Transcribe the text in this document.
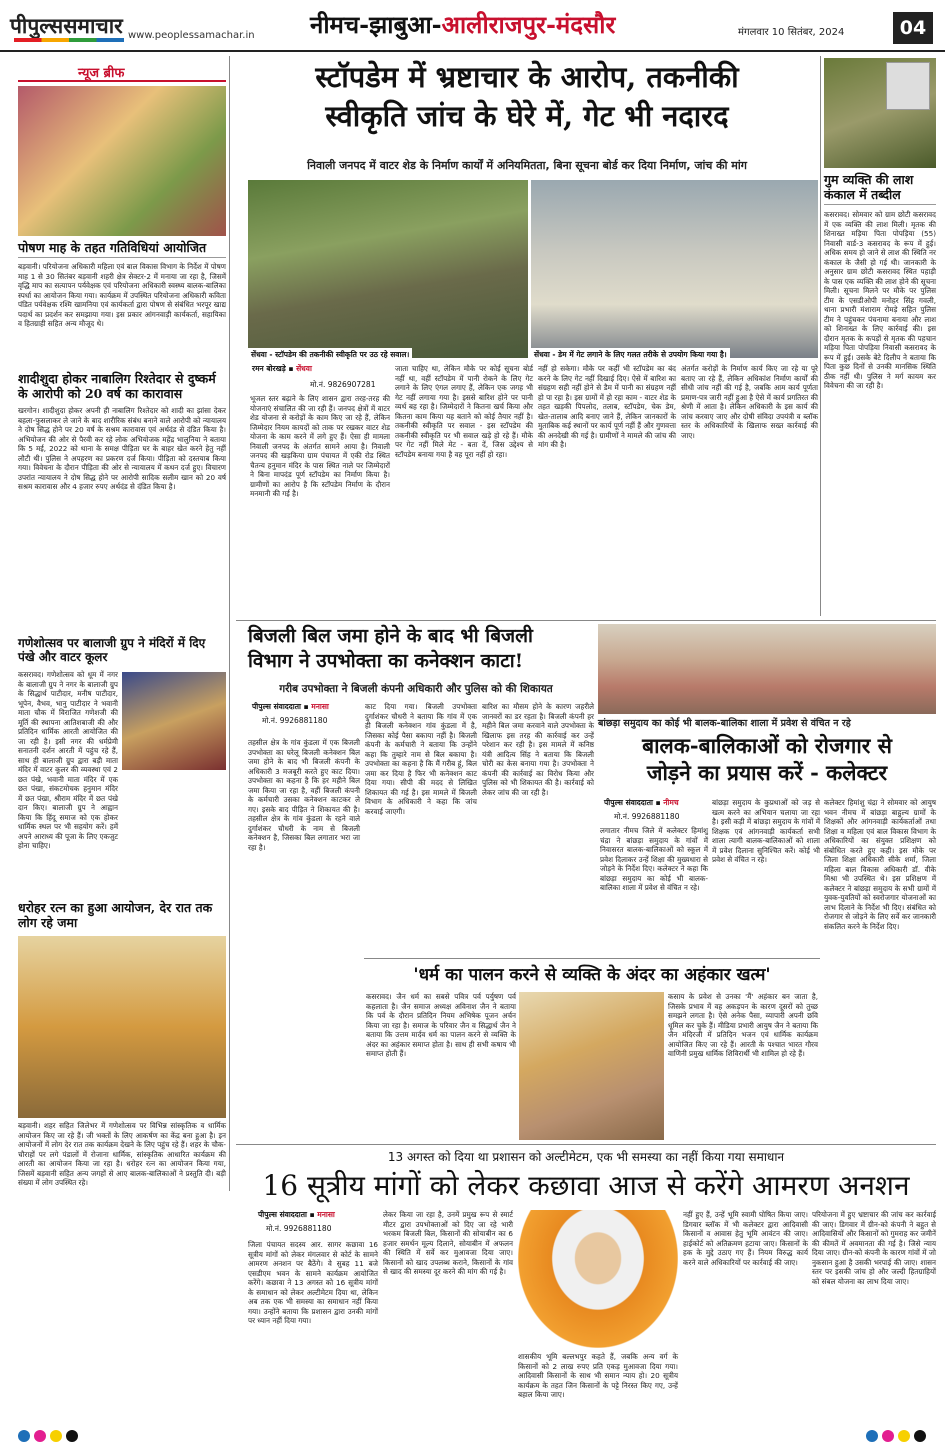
पीपुल्ससमाचार www.peoplessamachar.in नीमच-झाबुआ-आलीराजपुर-मंदसौर	मंगलवार 10 सितंबर, 2024	04
न्यूज ब्रीफ
पोषण माह के तहत गतिविधियां आयोजित
बड़वानी। परियोजना अधिकारी महिला एवं बाल विकास विभाग के निर्देश में पोषण माह 1 से 30 सितंबर बड़वानी शहरी क्षेत्र सेक्टर-2 में मनाया जा रहा है, जिसमें वृद्धि माप का सत्यापन पर्यवेक्षक एवं परियोजना अधिकारी स्वस्थ्य बालक-बालिका स्पर्धा का आयोजन किया गया। कार्यक्रम में उपस्थित परियोजना अधिकारी कविता पंडित पर्यवेक्षक रश्मि खामनिया एवं कार्यकर्ता द्वारा पोषण से संबंधित भरपूर खाद्य पदार्थ का प्रदर्शन कर समझाया गया। इस प्रकार आंगनवाड़ी कार्यकर्ता, सहायिका व हितग्राही सहित अन्य मौजूद थे।
शादीशुदा होकर नाबालिग रिश्तेदार से दुष्कर्म के आरोपी को 20 वर्ष का कारावास
खरगोन। शादीशुदा होकर अपनी ही नाबालिग रिश्तेदार को शादी का झांसा देकर बहला-फुसलाकर ले जाने के बाद शारीरिक संबंध बनाने वाले आरोपी को न्यायालय ने दोष सिद्ध होने पर 20 वर्ष के सश्रम कारावास एवं अर्थदंड से दंडित किया है। अभियोजन की ओर से पैरवी कर रहे लोक अभियोजक महेंद्र भालुनिया ने बताया कि 5 मई, 2022 को थाना के समक्ष पीड़िता घर के बाहर खेत करने हेतु नहीं लौटी थी। पुलिस ने अपहरण का प्रकरण दर्ज किया। पीड़िता को दस्तयाब किया गया। विवेचना के दौरान पीड़िता की ओर से न्यायालय में कथन दर्ज हुए। विचारण उपरांत न्यायालय ने दोष सिद्ध होने पर आरोपी सादिक सलीम खान को 20 वर्ष सश्रम कारावास और 4 हजार रुपए अर्थदंड से दंडित किया है।
गणेशोत्सव पर बालाजी ग्रुप ने मंदिरों में दिए पंखे और वाटर कूलर
कसरावद। गणेशोत्सव को धूम में नगर के बालाजी ग्रुप ने नगर के बालाजी ग्रुप के सिद्धार्थ पाटीदार, मनीष पाटीदार, भूपेन, वैभव, भानु पाटीदार ने भवानी माता चौक में विराजित गणेशजी की मूर्ति की स्थापना आतिशबाजी की और प्रतिदिन धार्मिक आरती आयोजित की जा रही है। इसी नगर की धर्मप्रेमी सनातनी दर्शन आरती में पहुंच रहे हैं, साथ ही बालाजी ग्रुप द्वारा बड़ी माता मंदिर में वाटर कूलर की व्यवस्था एवं 2 छत पंखे, भवानी माता मंदिर में एक छत पंखा, संकटमोचक हनुमान मंदिर में छत पंखा, श्रीराम मंदिर में छत पंखे दान किए। बालाजी ग्रुप ने आह्वान किया कि हिंदू समाज को एक होकर धार्मिक स्थल पर भी सहयोग करें। हमें अपने आराध्य की पूजा के लिए एकजुट होना चाहिए।
धरोहर रत्न का हुआ आयोजन, देर रात तक लोग रहे जमा
बड़वानी। शहर सहित जिलेभर में गणेशोत्सव पर विभिन्न सांस्कृतिक व धार्मिक आयोजन किए जा रहे हैं। जी भक्तों के लिए आकर्षण का केंद्र बना हुआ है। इन आयोजनों में लोग देर रात तक कार्यक्रम देखने के लिए पहुंच रहे हैं। शहर के चौक-चौराहों पर लगे पंडालों में रोजाना धार्मिक, सांस्कृतिक आधारित कार्यक्रम की आरती का आयोजन किया जा रहा है। धरोहर रत्न का आयोजन किया गया, जिसमें बड़वानी सहित अन्य जगहों से आए बालक-बालिकाओं ने प्रस्तुति दी। बड़ी संख्या में लोग उपस्थित रहे।
स्टॉपडेम में भ्रष्टाचार के आरोप, तकनीकी
स्वीकृति जांच के घेरे में, गेट भी नदारद
निवाली जनपद में वाटर शेड के निर्माण कार्यों में अनियमितता, बिना सूचना बोर्ड कर दिया निर्माण, जांच की मांग
सेंधवा - स्टॉपडेम की तकनीकी स्वीकृति पर उठ रहे सवाल।	सेंधवा - डेम में गेट लगाने के लिए गलत तरीके से उपयोग किया गया है।
रमन बोरखड़े ▪ सेंधवा
मो.नं. 9826907281
भूजल स्तर बढ़ाने के लिए शासन द्वारा तरह-तरह की योजनाएं संचालित की जा रही हैं। जनपद क्षेत्रों में वाटर शेड योजना से करोड़ों के काम किए जा रहे हैं, लेकिन जिम्मेदार नियम कायदों को ताक पर रखकर वाटर शेड योजना के काम करने में लगे हुए हैं। ऐसा ही मामला निवाली जनपद के अंतर्गत सामने आया है। निवाली जनपद की खड़किया ग्राम पंचायत में एकी रोड स्थित चैतन्य हनुमान मंदिर के पास स्थित नाले पर जिम्मेदारों ने बिना मापदंड पूर्ण स्टॉपडेम का निर्माण किया है। ग्रामीणों का आरोप है कि स्टॉपडेम निर्माण के दौरान मनमानी की गई है।
जाता चाहिए था, लेकिन मौके पर कोई सूचना बोर्ड नहीं था, वहीं स्टॉपडेम में पानी रोकने के लिए गेट लगाने के लिए एंगल लगाए हैं, लेकिन एक जगह भी गेट नहीं लगाया गया है। इससे बारिश होने पर पानी व्यर्थ बह रहा है। जिम्मेदारों ने कितना खर्च किया और कितना काम किया यह बताने को कोई तैयार नहीं है। तकनीकी स्वीकृति पर सवाल - इस स्टॉपडेम की तकनीकी स्वीकृति पर भी सवाल खड़े हो रहे हैं। मौके पर गेट नहीं मिले मेट - बता दें, जिस उद्देश्य से स्टॉपडेम बनाया गया है वह पूरा नहीं हो रहा।
नहीं हो सकेगा। मौके पर कहीं भी स्टॉपडेम का बंद करने के लिए गेट नहीं दिखाई दिए। ऐसे में बारिश का संग्रहण सही नहीं होने से डैम में पानी का संग्रहण नहीं हो पा रहा है। इस ग्रामों में हो रहा काम - वाटर शेड के तहत खड़की पिपलोद, तलाब, स्टॉपडेम, चेक डेम, खेत-तालाब आदि बनाए जाने हैं, लेकिन जानकारों के मुताबिक कई स्थानों पर कार्य पूर्ण नहीं हैं और गुणवत्ता की अनदेखी की गई है। ग्रामीणों ने मामले की जांच की मांग की है।
अंतर्गत करोड़ों के निर्माण कार्य किए जा रहे या पूरे बताए जा रहे हैं, लेकिन अधिकांश निर्माण कार्यों की सीधी जांच नहीं की गई है, जबकि आम कार्य पूर्णता प्रमाण-पत्र जारी नहीं हुआ है ऐसे में कार्य प्रगतिरत की श्रेणी में आता है। लेकिन अधिकारी के इस कार्य की जांच करवाए जाए और दोषी संविदा उपयंत्री व ब्लॉक स्तर के अधिकारियों के खिलाफ सख्त कार्रवाई की जाए।
गुम व्यक्ति की लाश कंकाल में तब्दील
कसरावद। सोमवार को ग्राम छोटी कसरावद में एक व्यक्ति की लाश मिली। मृतक की शिनाख्त मड़िया पिता पोपड़िया (55) निवासी वार्ड-3 कसरावद के रूप में हुई। अधिक समय हो जाने से लाश की स्थिति नर कंकाल के जैसी हो गई थी। जानकारी के अनुसार ग्राम छोटी कसरावद स्थित पहाड़ी के पास एक व्यक्ति की लाश होने की सूचना मिली। सूचना मिलने पर मौके पर पुलिस टीम के एसडीओपी मनोहर सिंह गवली, थाना प्रभारी मंशाराम रोमड़े सहित पुलिस टीम ने पहुंचकर पंचनामा बनाया और लाश को शिनाख्त के लिए कार्रवाई की। इस दौरान मृतक के कपड़ों से मृतक की पहचान मड़िया पिता पोपड़िया निवासी कसरावद के रूप में हुई। उसके बेटे दिलीप ने बताया कि पिता कुछ दिनों से उनकी मानसिक स्थिति ठीक नहीं थी। पुलिस ने मर्ग कायम कर विवेचना की जा रही है।
बिजली बिल जमा होने के बाद भी बिजली
विभाग ने उपभोक्ता का कनेक्शन काटा!
गरीब उपभोक्ता ने बिजली कंपनी अधिकारी और पुलिस को की शिकायत
पीपुल्स संवाददाता ▪ मनासा
मो.नं. 9926881180
तहसील क्षेत्र के गांव कुंडला में एक बिजली उपभोक्ता का घरेलू बिजली कनेक्शन बिल जमा होने के बाद भी बिजली कंपनी के अधिकारी 3 मजबूरी करते हुए काट दिया। उपभोक्ता का कहना है कि हर महीने बिल जमा किया जा रहा है, वहीं बिजली कंपनी के कर्मचारी उसका कनेक्शन काटकर ले गए। इसके बाद पीड़ित ने शिकायत की है। तहसील क्षेत्र के गांव कुंडला के रहने वाले दुर्गाशंकर चौधरी के नाम से बिजली कनेक्शन है, जिसका बिल लगातार भरा जा रहा है।
काट दिया गया। बिजली उपभोक्ता दुर्गाशंकर चौधरी ने बताया कि गांव में एक ही बिजली कनेक्शन गांव कुंडला में है, जिसका कोई पैसा बकाया नहीं है। बिजली कंपनी के कर्मचारी ने बताया कि उन्होंने कहा कि तुम्हारे नाम से बिल बकाया है। उपभोक्ता का कहना है कि मैं गरीब हूं, बिल जमा कर दिया है फिर भी कनेक्शन काट दिया गया। सीपी की मदद से लिखित शिकायत की गई है। इस मामले में बिजली विभाग के अधिकारी ने कहा कि जांच करवाई जाएगी।
बारिश का मौसम होने के कारण जहरीले जानवरों का डर रहता है। बिजली कंपनी हर महीने बिल जमा करवाने वाले उपभोक्ता के खिलाफ इस तरह की कार्रवाई कर उन्हें परेशान कर रही है। इस मामले में कनिष्ठ यंत्री आदित्य सिंह ने बताया कि बिजली चोरी का केस बनाया गया है। उपभोक्ता ने कंपनी की कार्रवाई का विरोध किया और पुलिस को भी शिकायत की है। कार्रवाई को लेकर जांच की जा रही है।
बांछड़ा समुदाय का कोई भी बालक-बालिका शाला में प्रवेश से वंचित न रहे
बालक-बालिकाओं को रोजगार से
जोड़ने का प्रयास करें - कलेक्टर
पीपुल्स संवाददाता ▪ नीमच
मो.नं. 9926881180
लगातार नीमच जिले में कलेक्टर हिमांशु चंद्रा ने बांछड़ा समुदाय के गांवों में निवासरत बालक-बालिकाओं को स्कूल में प्रवेश दिलाकर उन्हें शिक्षा की मुख्यधारा से जोड़ने के निर्देश दिए। कलेक्टर ने कहा कि बांछड़ा समुदाय का कोई भी बालक-बालिका शाला में प्रवेश से वंचित न रहे।
बांछड़ा समुदाय के कुप्रथाओं को जड़ से खत्म करने का अभियान चलाया जा रहा है। इसी कड़ी में बांछड़ा समुदाय के गांवों में शिक्षक एवं आंगनवाड़ी कार्यकर्ता सभी शाला त्यागी बालक-बालिकाओं को शाला में प्रवेश दिलाना सुनिश्चित करें। कोई भी प्रवेश से वंचित न रहे।
कलेक्टर हिमांशु चंद्रा ने सोमवार को आयुष भवन नीमच में बांछड़ा बाहुल्य ग्रामों के शिक्षकों और आंगनवाड़ी कार्यकर्ताओं तथा शिक्षा व महिला एवं बाल विकास विभाग के अधिकारियों का संयुक्त प्रशिक्षण को संबोधित करते हुए कही। इस मौके पर जिला शिक्षा अधिकारी सीके शर्मा, जिला महिला बाल विकास अधिकारी डॉ. वीके मिश्रा भी उपस्थित थे। इस प्रशिक्षण में कलेक्टर ने बांछड़ा समुदाय के सभी ग्रामों में युवक-युवतियों को स्वरोजगार योजनाओं का लाभ दिलाने के निर्देश भी दिए। संबंधित को रोजगार से जोड़ने के लिए सर्वे कर जानकारी संकलित करने के निर्देश दिए।
'धर्म का पालन करने से व्यक्ति के अंदर का अहंकार खत्म'
कसरावद। जैन धर्म का सबसे पवित्र पर्व पर्युषण पर्व कहलाता है। जैन समाज अध्यक्ष अविनाश जैन ने बताया कि पर्व के दौरान प्रतिदिन नियम अभिषेक पूजन अर्चन किया जा रहा है। समाज के परिवार जैन व सिद्धार्थ जैन ने बताया कि उत्तम मार्दव धर्म का पालन करने से व्यक्ति के अंदर का अहंकार समाप्त होता है। साथ ही सभी कषाय भी समाप्त होती हैं।
कसाय के प्रवेश से उनका 'मैं' अहंकार बन जाता है, जिसके प्रभाव में वह अकड़पन के कारण दूसरों को तुच्छ समझने लगता है। ऐसे अनेक पैसा, व्यापारी अपनी छवि धूमिल कर चुके हैं। मीडिया प्रभारी आयुष जैन ने बताया कि जैन मंदिरजी में प्रतिदिन भजन एवं धार्मिक कार्यक्रम आयोजित किए जा रहे हैं। आरती के पश्चात भारत गौरव वाणिनी प्रमुख धार्मिक शिविरार्थी भी शामिल हो रहे हैं।
13 अगस्त को दिया था प्रशासन को अल्टीमेटम, एक भी समस्या का नहीं किया गया समाधान
16 सूत्रीय मांगों को लेकर कछावा आज से करेंगे आमरण अनशन
पीपुल्स संवाददाता ▪ मनासा
मो.नं. 9926881180
जिला पंचायत सदस्य आर. सागर कछावा 16 सूत्रीय मांगों को लेकर मंगलवार से कोर्ट के सामने आमरण अनशन पर बैठेंगे। वे सुबह 11 बजे एसडीएम भवन के सामने कार्यक्रम आयोजित करेंगे। कछावा ने 13 अगस्त को 16 सूत्रीय मांगों के समाधान को लेकर अल्टीमेटम दिया था, लेकिन अब तक एक भी समस्या का समाधान नहीं किया गया। उन्होंने बताया कि प्रशासन द्वारा उनकी मांगों पर ध्यान नहीं दिया गया।
लेकर किया जा रहा है, उनमें प्रमुख रूप से स्मार्ट मीटर द्वारा उपभोक्ताओं को दिए जा रहे भारी भरकम बिजली बिल, किसानों की सोयाबीन का 6 हजार समर्थन मूल्य दिलाने, सोयाबीन में अफलन की स्थिति में सर्वे कर मुआवजा दिया जाए। किसानों को खाद उपलब्ध कराने, किसानों के गांव से खाद की समस्या दूर करने की मांग की गई है।
शासकीय भूमि बल्लभपुर कहते हैं, जबकि अन्य वर्ग के किसानों को 2 लाख रुपए प्रति एकड़ मुआवजा दिया गया। आदिवासी किसानों के साथ भी समान न्याय हो। 20 सूत्रीय कार्यक्रम के तहत जिन किसानों के पट्टे निरस्त किए गए, उन्हें बहाल किया जाए।
नहीं हुए हैं, उन्हें भूमि स्वामी घोषित किया जाए। डिगवार ब्लॉक में भी कलेक्टर द्वारा आदिवासी किसानों व आवास हेतु भूमि आवंटन की जाए। हाईकोर्ट को अतिक्रमण हटाया जाए। किसानों के हक के मुद्दे उठाए गए हैं। नियम विरुद्ध कार्य करने वाले अधिकारियों पर कार्रवाई की जाए।
परियोजना में हुए भ्रष्टाचार की जांच कर कार्रवाई की जाए। डिगवार में ग्रीन-को कंपनी ने बहुत से आदिवासियों और किसानों को गुमराह कर जमीनें की कीमतें में अवमानता की गई है। जिसे न्याय दिया जाए। ग्रीन-को कंपनी के कारण गांवों में जो नुकसान हुआ है उसकी भरपाई की जाए। शासन स्तर पर इसकी जांच हो और जल्दी हितग्राहियों को संबल योजना का लाभ दिया जाए।
